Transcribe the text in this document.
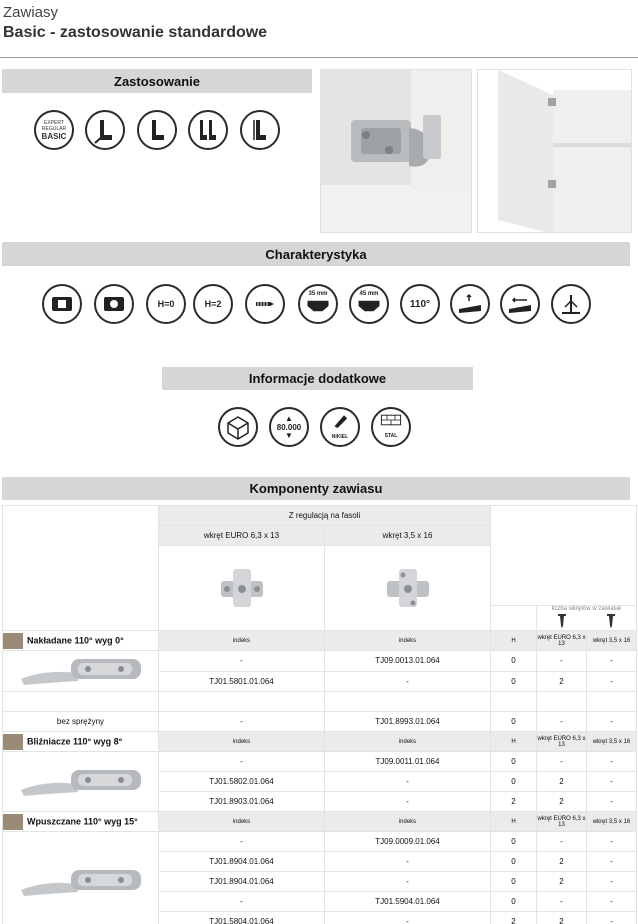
Zawiasy
Basic - zastosowanie standardowe
Zastosowanie
EXPERT
REGULAR
BASIC
Charakterystyka
H=0	H=2
35 mm	45 mm
110°
Informacje dodatkowe
▲
80.000
▼	NIKIEL	STAL
Komponenty zawiasu
	Z regulacją na fasoli				
	wkręt EURO 6,3 x 13	wkręt 3,5 x 16			

				liczba wkrętów w zawiasie	

Nakładane 110° wyg 0°	indeks	indeks	H	wkręt EURO 6,3 x 13	wkręt 3,5 x 16

	-	TJ09.0013.01.064	0	-	-
	TJ01.5801.01.064	-	0	2	-

bez sprężyny	-	TJ01.8993.01.064	0	-	-
Bliźniacze 110° wyg 8°	indeks	indeks	H	wkręt EURO 6,3 x 13	wkręt 3,5 x 16

	-	TJ09.0011.01.064	0	-	-
	TJ01.5802.01.064	-	0	2	-
	TJ01.8903.01.064	-	2	2	-
Wpuszczane 110° wyg 15°	indeks	indeks	H	wkręt EURO 6,3 x 13	wkręt 3,5 x 16

	-	TJ09.0009.01.064	0	-	-
	TJ01.8904.01.064	-	0	2	-
	TJ01.8904.01.064	-	0	2	-
	-	TJ01.5904.01.064	0	-	-
	TJ01.5804.01.064	-	2	2	-
